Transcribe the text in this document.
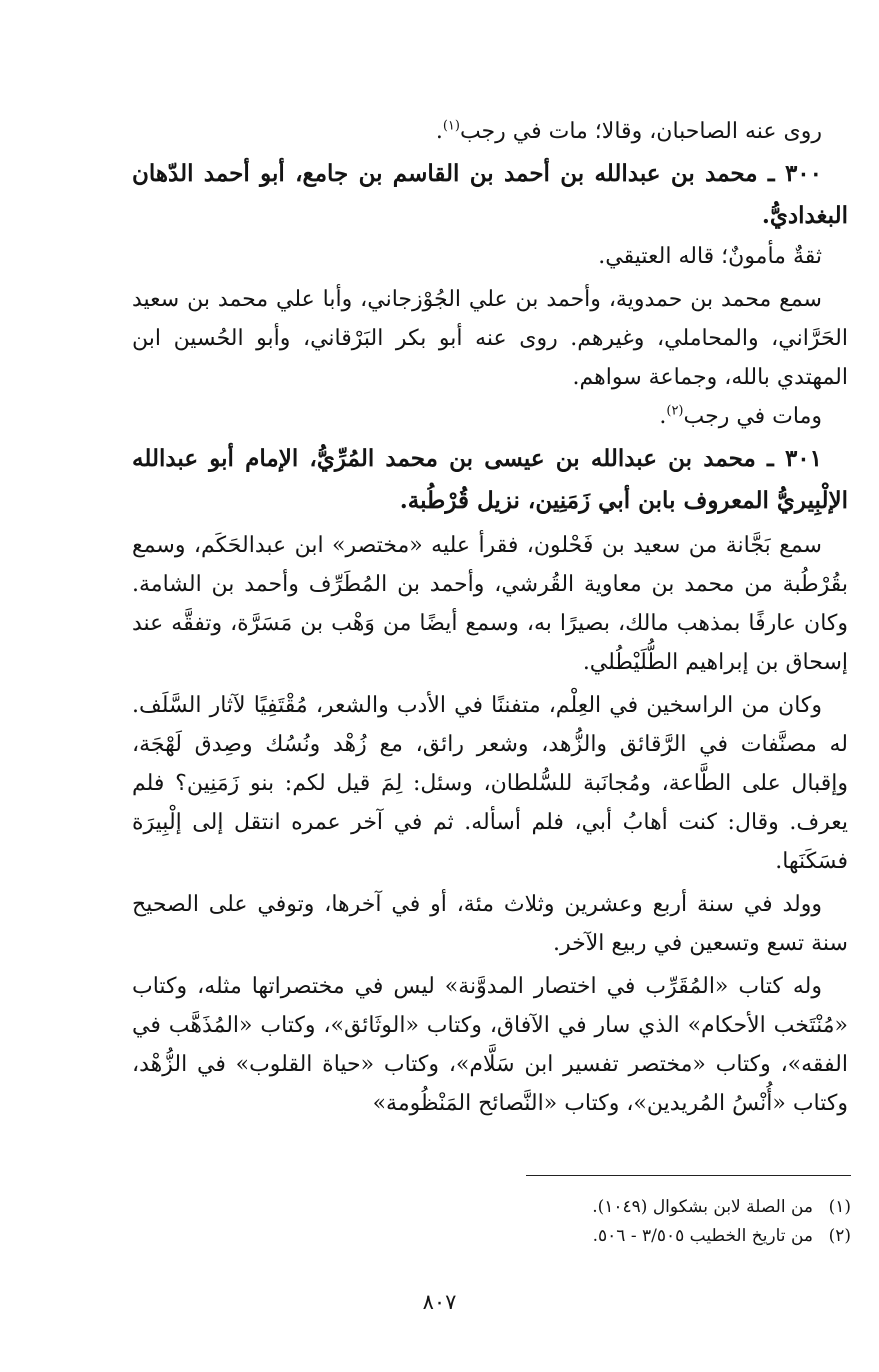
روى عنه الصاحبان، وقالا؛ مات في رجب$^{(١)}$.

٣٠٠ ـ محمد بن عبدالله بن أحمد بن القاسم بن جامع، أبو أحمد الدّهان البغداديُّ.

ثقةٌ مأمونٌ؛ قاله العتيقي.

سمع محمد بن حمدوية، وأحمد بن علي الجُوْزجاني، وأبا علي محمد بن سعيد الحَرَّاني، والمحاملي، وغيرهم. روى عنه أبو بكر البَرْقاني، وأبو الحُسين ابن المهتدي بالله، وجماعة سواهم.

ومات في رجب$^{(٢)}$.

٣٠١ ـ محمد بن عبدالله بن عيسى بن محمد المُرِّيُّ، الإمام أبو عبدالله الإلْبِيريُّ المعروف بابن أبي زَمَنِين، نزيل قُرْطُبة.

سمع بَجَّانة من سعيد بن فَحْلون، فقرأ عليه «مختصر» ابن عبدالحَكَم، وسمع بقُرْطُبة من محمد بن معاوية القُرشي، وأحمد بن المُطَرِّف وأحمد بن الشامة. وكان عارفًا بمذهب مالك، بصيرًا به، وسمع أيضًا من وَهْب بن مَسَرَّة، وتفقَّه عند إسحاق بن إبراهيم الطُّلَيْطُلي.

وكان من الراسخين في العِلْم، متفننًا في الأدب والشعر، مُقْتَفِيًا لآثار السَّلَف. له مصنَّفات في الرَّقائق والزُّهد، وشعر رائق، مع زُهْد ونُسُك وصِدق لَهْجَة، وإقبال على الطَّاعة، ومُجانَبة للسُّلطان، وسئل: لِمَ قيل لكم: بنو زَمَنِين؟ فلم يعرف. وقال: كنت أهابُ أبي، فلم أسأله. ثم في آخر عمره انتقل إلى إلْبِيرَة فسَكَنَها.

وولد في سنة أربع وعشرين وثلاث مئة، أو في آخرها، وتوفي على الصحيح سنة تسع وتسعين في ربيع الآخر.

وله كتاب «المُقَرِّب في اختصار المدوَّنة» ليس في مختصراتها مثله، وكتاب «مُنْتَخب الأحكام» الذي سار في الآفاق، وكتاب «الوثَائق»، وكتاب «المُذَهَّب في الفقه»، وكتاب «مختصر تفسير ابن سَلَّام»، وكتاب «حياة القلوب» في الزُّهْد، وكتاب «أُنْسُ المُريدين»، وكتاب «النَّصائح المَنْظُومة»

(١)من الصلة لابن بشكوال (١٠٤٩).
(٢)من تاريخ الخطيب ٣/٥٠٥ - ٥٠٦.
٨٠٧
